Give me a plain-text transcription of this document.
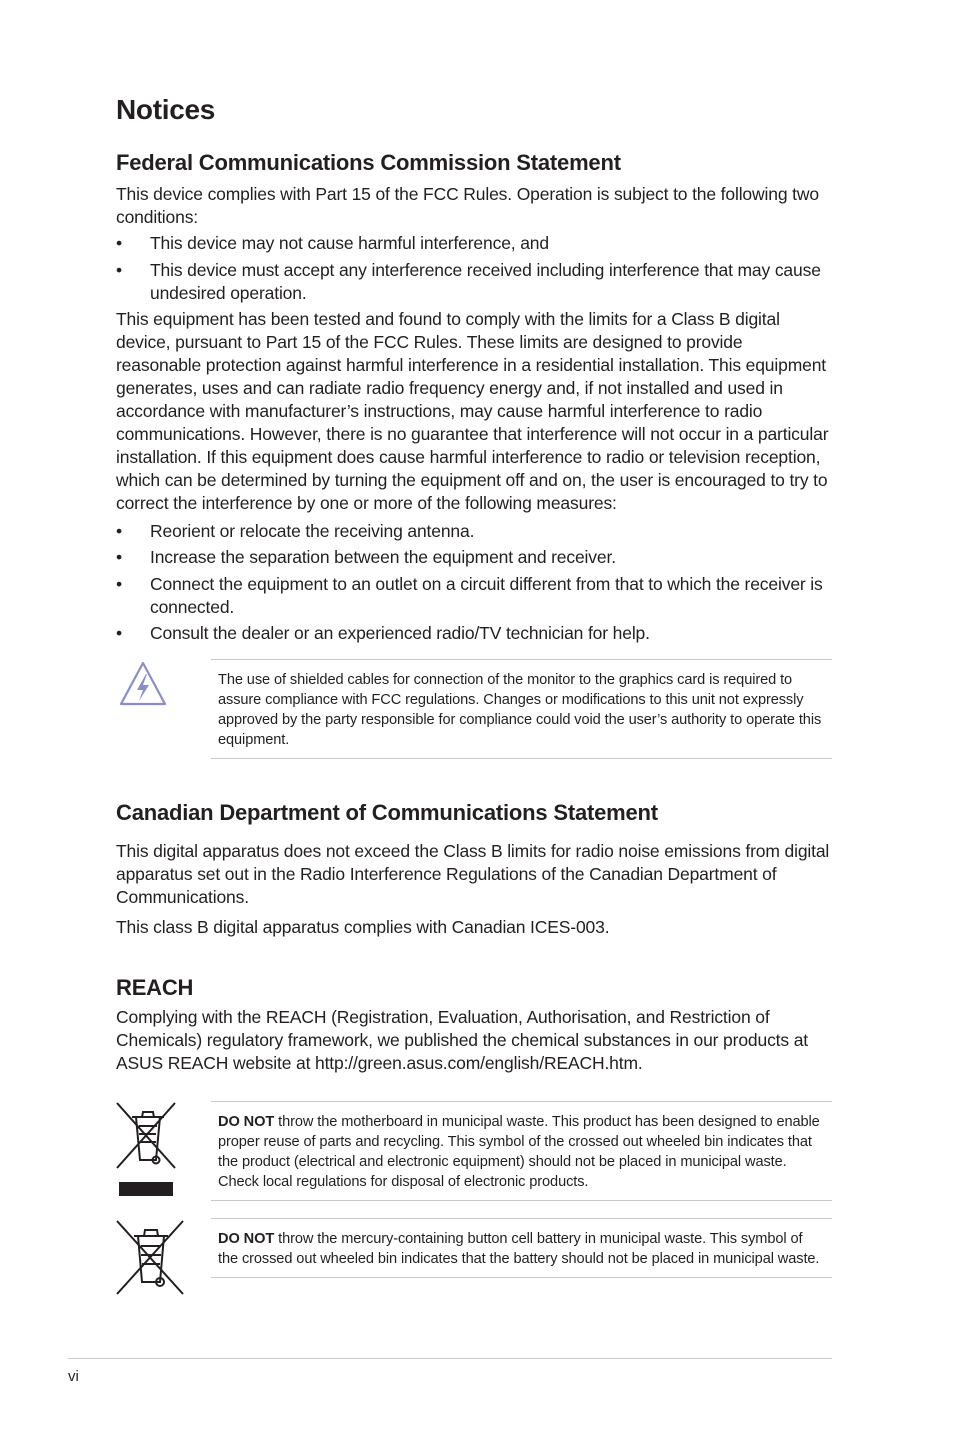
Notices
Federal Communications Commission Statement

This device complies with Part 15 of the FCC Rules. Operation is subject to the following two conditions:

•	This device may not cause harmful interference, and
•	This device must accept any interference received including interference that may cause undesired operation.

This equipment has been tested and found to comply with the limits for a Class B digital device, pursuant to Part 15 of the FCC Rules. These limits are designed to provide reasonable protection against harmful interference in a residential installation. This equipment generates, uses and can radiate radio frequency energy and, if not installed and used in accordance with manufacturer’s instructions, may cause harmful interference to radio communications. However, there is no guarantee that interference will not occur in a particular installation. If this equipment does cause harmful interference to radio or television reception, which can be determined by turning the equipment off and on, the user is encouraged to try to correct the interference by one or more of the following measures:

•	Reorient or relocate the receiving antenna.
•	Increase the separation between the equipment and receiver.
•	Connect the equipment to an outlet on a circuit different from that to which the receiver is connected.
•	Consult the dealer or an experienced radio/TV technician for help.
The use of shielded cables for connection of the monitor to the graphics card is required to assure compliance with FCC regulations. Changes or modifications to this unit not expressly approved by the party responsible for compliance could void the user’s authority to operate this equipment.
Canadian Department of Communications Statement

This digital apparatus does not exceed the Class B limits for radio noise emissions from digital apparatus set out in the Radio Interference Regulations of the Canadian Department of Communications.

This class B digital apparatus complies with Canadian ICES-003.

REACH

Complying with the REACH (Registration, Evaluation, Authorisation, and Restriction of Chemicals) regulatory framework, we published the chemical substances in our products at ASUS REACH website at http://green.asus.com/english/REACH.htm.

DO NOT throw the motherboard in municipal waste. This product has been designed to enable proper reuse of parts and recycling. This symbol of the crossed out wheeled bin indicates that the product (electrical and electronic equipment) should not be placed in municipal waste. Check local regulations for disposal of electronic products.
DO NOT throw the mercury-containing button cell battery in municipal waste. This symbol of the crossed out wheeled bin indicates that the battery should not be placed in municipal waste.
vi
